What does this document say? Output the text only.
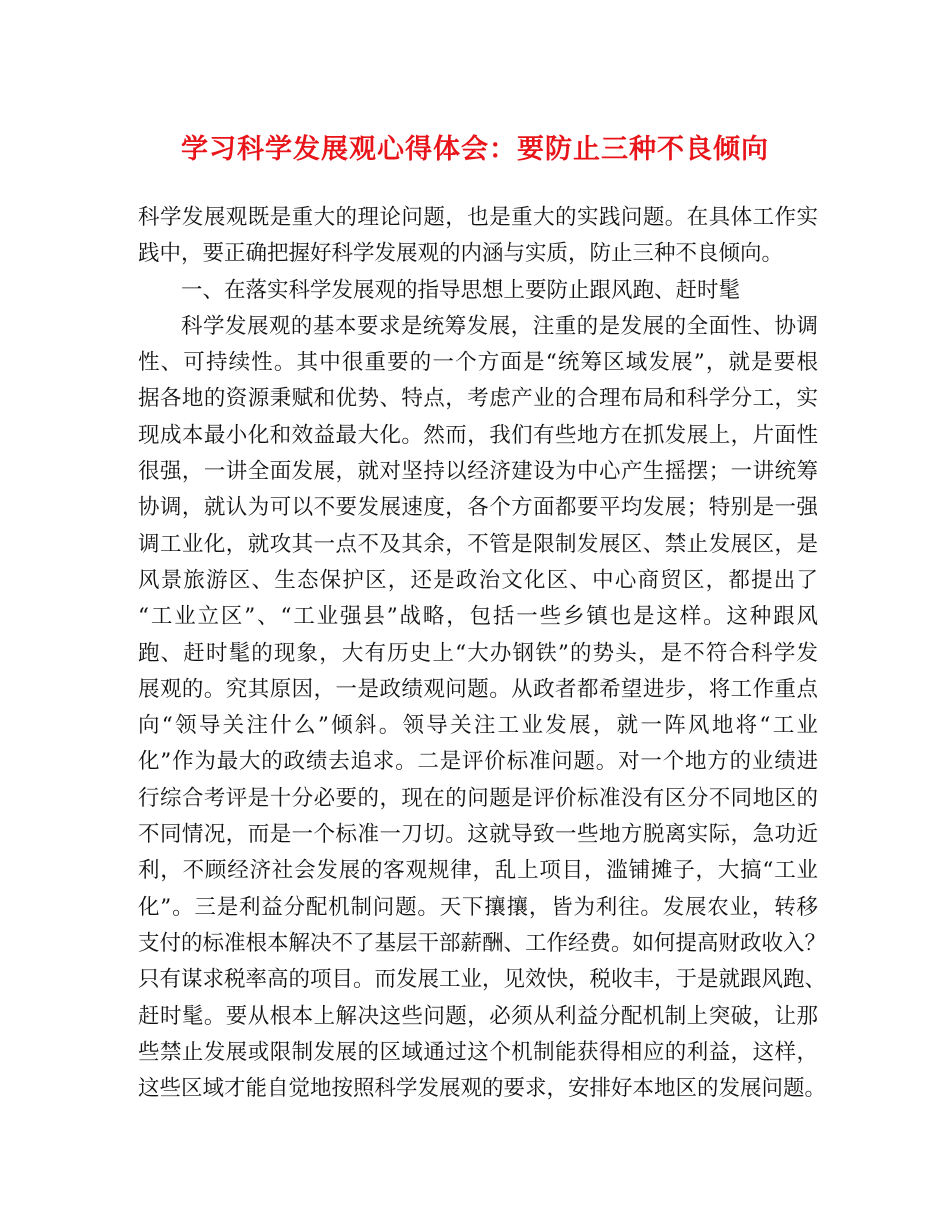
学习科学发展观心得体会：要防止三种不良倾向
科学发展观既是重大的理论问题，也是重大的实践问题。在具体工作实
践中，要正确把握好科学发展观的内涵与实质，防止三种不良倾向。
一、在落实科学发展观的指导思想上要防止跟风跑、赶时髦
科学发展观的基本要求是统筹发展，注重的是发展的全面性、协调
性、可持续性。其中很重要的一个方面是“统筹区域发展”，就是要根
据各地的资源秉赋和优势、特点，考虑产业的合理布局和科学分工，实
现成本最小化和效益最大化。然而，我们有些地方在抓发展上，片面性
很强，一讲全面发展，就对坚持以经济建设为中心产生摇摆；一讲统筹
协调，就认为可以不要发展速度，各个方面都要平均发展；特别是一强
调工业化，就攻其一点不及其余，不管是限制发展区、禁止发展区，是
风景旅游区、生态保护区，还是政治文化区、中心商贸区，都提出了
“工业立区”、“工业强县”战略，包括一些乡镇也是这样。这种跟风
跑、赶时髦的现象，大有历史上“大办钢铁”的势头，是不符合科学发
展观的。究其原因，一是政绩观问题。从政者都希望进步，将工作重点
向“领导关注什么”倾斜。领导关注工业发展，就一阵风地将“工业
化”作为最大的政绩去追求。二是评价标准问题。对一个地方的业绩进
行综合考评是十分必要的，现在的问题是评价标准没有区分不同地区的
不同情况，而是一个标准一刀切。这就导致一些地方脱离实际，急功近
利，不顾经济社会发展的客观规律，乱上项目，滥铺摊子，大搞“工业
化”。三是利益分配机制问题。天下攘攘，皆为利往。发展农业，转移
支付的标准根本解决不了基层干部薪酬、工作经费。如何提高财政收入？
只有谋求税率高的项目。而发展工业，见效快，税收丰，于是就跟风跑、
赶时髦。要从根本上解决这些问题，必须从利益分配机制上突破，让那
些禁止发展或限制发展的区域通过这个机制能获得相应的利益，这样，
这些区域才能自觉地按照科学发展观的要求，安排好本地区的发展问题。
